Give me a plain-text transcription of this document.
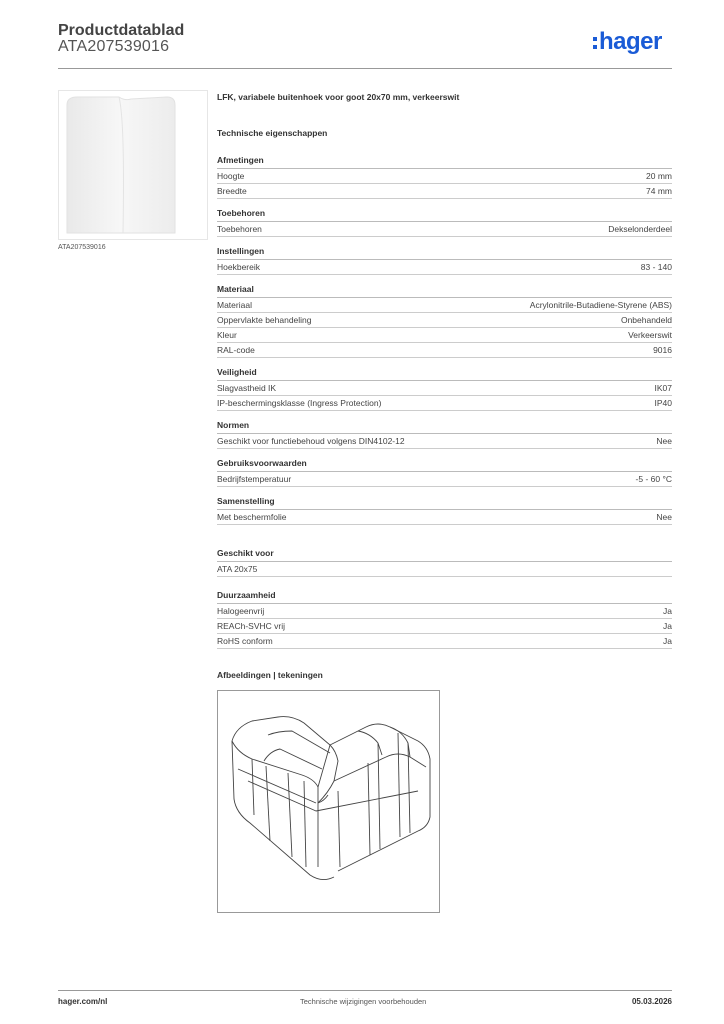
Productdatablad
ATA207539016	hager
ATA207539016
LFK, variabele buitenhoek voor goot 20x70 mm, verkeerswit
Technische eigenschappen
Afmetingen
Hoogte	20 mm
Breedte	74 mm
Toebehoren
Toebehoren	Dekselonderdeel
Instellingen
Hoekbereik	83 - 140
Materiaal
Materiaal	Acrylonitrile-Butadiene-Styrene (ABS)
Oppervlakte behandeling	Onbehandeld
Kleur	Verkeerswit
RAL-code	9016
Veiligheid
Slagvastheid IK	IK07
IP-beschermingsklasse (Ingress Protection)	IP40
Normen
Geschikt voor functiebehoud volgens DIN4102-12	Nee
Gebruiksvoorwaarden
Bedrijfstemperatuur	-5 - 60 °C
Samenstelling
Met beschermfolie	Nee
Geschikt voor
ATA 20x75
Duurzaamheid
Halogeenvrij	Ja
REACh-SVHC vrij	Ja
RoHS conform	Ja
Afbeeldingen | tekeningen
hager.com/nl	Technische wijzigingen voorbehouden	05.03.2026
